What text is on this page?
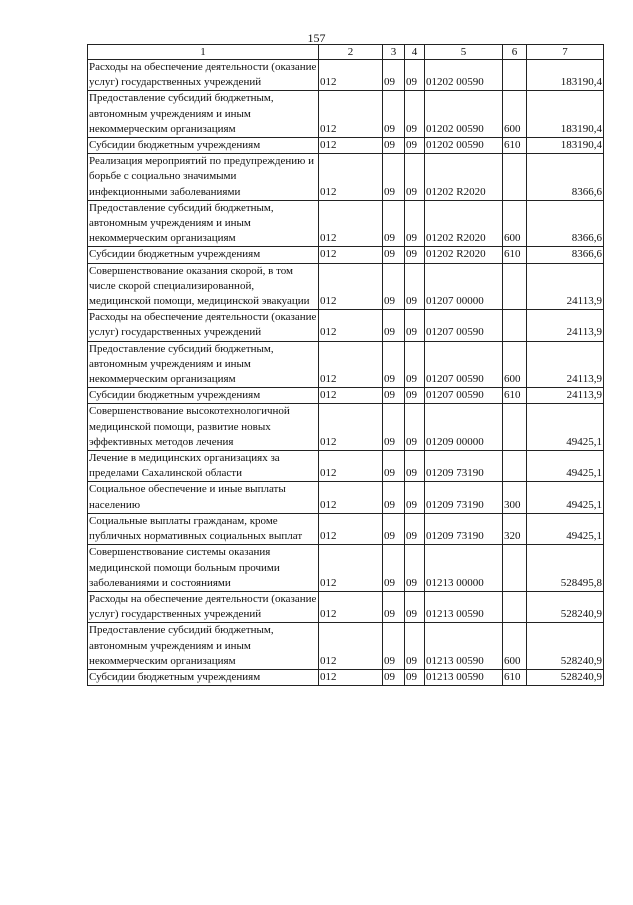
157
1	2	3	4	5	6	7
Расходы на обеспечение деятельности (оказание услуг) государственных учреждений	012	09	09	01202 00590		183190,4
Предоставление субсидий бюджетным, автономным учреждениям и иным некоммерческим организациям	012	09	09	01202 00590	600	183190,4
Субсидии бюджетным учреждениям	012	09	09	01202 00590	610	183190,4
Реализация мероприятий по предупреждению и борьбе с социально значимыми инфекционными заболеваниями	012	09	09	01202 R2020		8366,6
Предоставление субсидий бюджетным, автономным учреждениям и иным некоммерческим организациям	012	09	09	01202 R2020	600	8366,6
Субсидии бюджетным учреждениям	012	09	09	01202 R2020	610	8366,6
Совершенствование оказания скорой, в том числе скорой специализированной, медицинской помощи, медицинской эвакуации	012	09	09	01207 00000		24113,9
Расходы на обеспечение деятельности (оказание услуг) государственных учреждений	012	09	09	01207 00590		24113,9
Предоставление субсидий бюджетным, автономным учреждениям и иным некоммерческим организациям	012	09	09	01207 00590	600	24113,9
Субсидии бюджетным учреждениям	012	09	09	01207 00590	610	24113,9
Совершенствование высокотехнологичной медицинской помощи, развитие новых эффективных методов лечения	012	09	09	01209 00000		49425,1
Лечение в медицинских организациях за пределами Сахалинской области	012	09	09	01209 73190		49425,1
Социальное обеспечение и иные выплаты населению	012	09	09	01209 73190	300	49425,1
Социальные выплаты гражданам, кроме публичных нормативных социальных выплат	012	09	09	01209 73190	320	49425,1
Совершенствование системы оказания медицинской помощи больным прочими заболеваниями и состояниями	012	09	09	01213 00000		528495,8
Расходы на обеспечение деятельности (оказание услуг) государственных учреждений	012	09	09	01213 00590		528240,9
Предоставление субсидий бюджетным, автономным учреждениям и иным некоммерческим организациям	012	09	09	01213 00590	600	528240,9
Субсидии бюджетным учреждениям	012	09	09	01213 00590	610	528240,9
